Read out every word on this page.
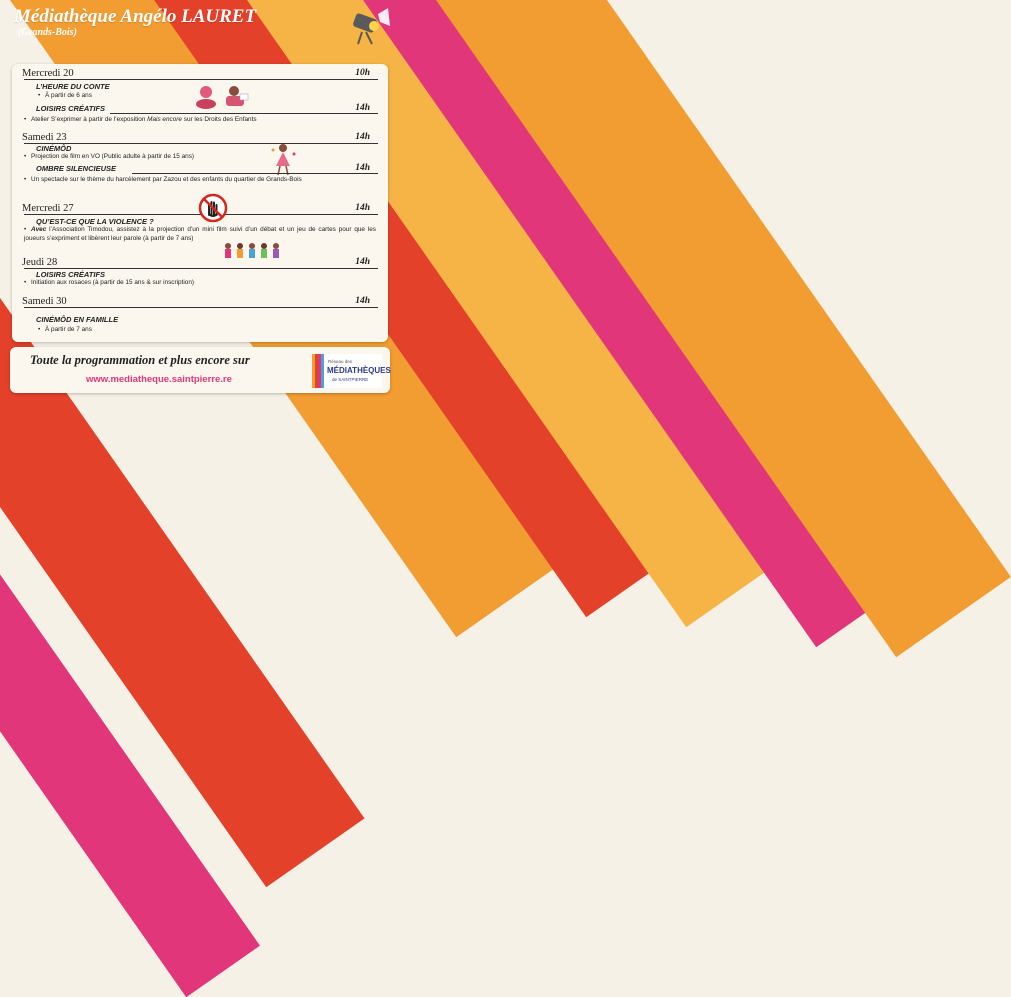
Médiathèque Angélo LAURET
(Grands-Bois)
Mercredi 20	10h
L’HEURE DU CONTE
• À partir de 6 ans
LOISIRS CRÉATIFS	14h
• Atelier S’exprimer à partir de l’exposition Mais encore sur les Droits des Enfants
Samedi 23	14h
CINÉMÔD
• Projection de film en VO (Public adulte à partir de 15 ans)
OMBRE SILENCIEUSE	14h
• Un spectacle sur le thème du harcèlement par Zazou et des enfants du quartier de Grands-Bois
Mercredi 27	14h
QU’EST-CE QUE LA VIOLENCE ?
• Avec l’Association Timodou, assistez à la projection d’un mini film suivi d’un débat et un jeu de cartes pour que les joueurs s’expriment et libèrent leur parole (à partir de 7 ans)
Jeudi 28	14h
LOISIRS CRÉATIFS
• Initiation aux rosaces (à partir de 15 ans & sur inscription)
Samedi 30	14h
CINÉMÔD EN FAMILLE
• À partir de 7 ans
Toute la programmation et plus encore sur
www.mediatheque.saintpierre.re
Réseau des
MÉDIATHÈQUES
de SAINTPIERRE
